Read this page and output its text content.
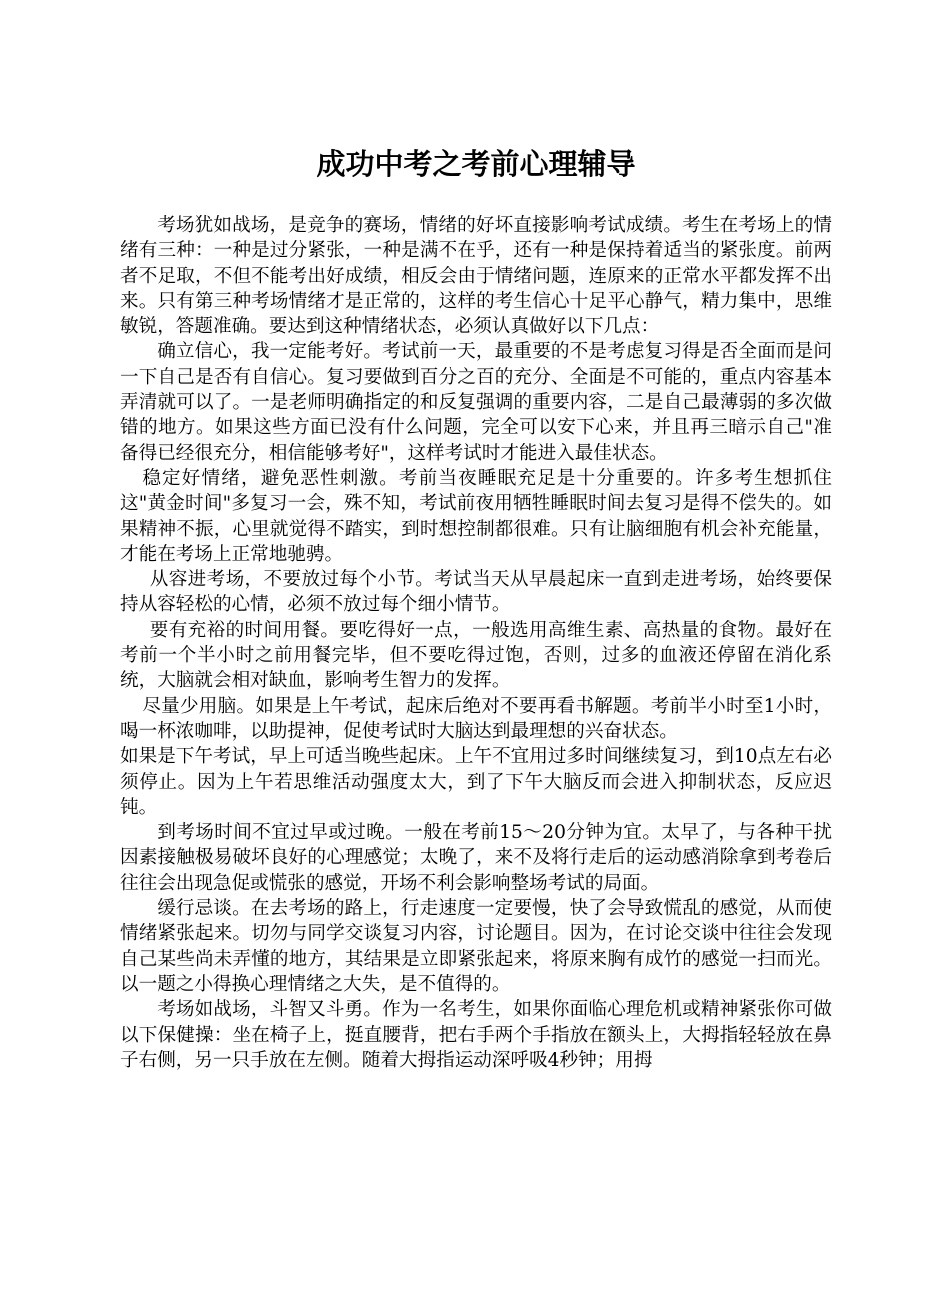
成功中考之考前心理辅导

考场犹如战场，是竞争的赛场，情绪的好坏直接影响考试成绩。考生在考场上的情绪有三种：一种是过分紧张，一种是满不在乎，还有一种是保持着适当的紧张度。前两者不足取，不但不能考出好成绩，相反会由于情绪问题，连原来的正常水平都发挥不出来。只有第三种考场情绪才是正常的，这样的考生信心十足平心静气，精力集中，思维敏锐，答题准确。要达到这种情绪状态，必须认真做好以下几点：

确立信心，我一定能考好。考试前一天，最重要的不是考虑复习得是否全面而是问一下自己是否有自信心。复习要做到百分之百的充分、全面是不可能的，重点内容基本弄清就可以了。一是老师明确指定的和反复强调的重要内容，二是自己最薄弱的多次做错的地方。如果这些方面已没有什么问题，完全可以安下心来，并且再三暗示自己"准备得已经很充分，相信能够考好"，这样考试时才能进入最佳状态。

稳定好情绪，避免恶性刺激。考前当夜睡眠充足是十分重要的。许多考生想抓住这"黄金时间"多复习一会，殊不知，考试前夜用牺牲睡眠时间去复习是得不偿失的。如果精神不振，心里就觉得不踏实，到时想控制都很难。只有让脑细胞有机会补充能量，才能在考场上正常地驰骋。

从容进考场，不要放过每个小节。考试当天从早晨起床一直到走进考场，始终要保持从容轻松的心情，必须不放过每个细小情节。

要有充裕的时间用餐。要吃得好一点，一般选用高维生素、高热量的食物。最好在考前一个半小时之前用餐完毕，但不要吃得过饱，否则，过多的血液还停留在消化系统，大脑就会相对缺血，影响考生智力的发挥。

尽量少用脑。如果是上午考试，起床后绝对不要再看书解题。考前半小时至1小时，喝一杯浓咖啡，以助提神，促使考试时大脑达到最理想的兴奋状态。

如果是下午考试，早上可适当晚些起床。上午不宜用过多时间继续复习，到10点左右必须停止。因为上午若思维活动强度太大，到了下午大脑反而会进入抑制状态，反应迟钝。

到考场时间不宜过早或过晚。一般在考前15～20分钟为宜。太早了，与各种干扰因素接触极易破坏良好的心理感觉；太晚了，来不及将行走后的运动感消除拿到考卷后往往会出现急促或慌张的感觉，开场不利会影响整场考试的局面。

缓行忌谈。在去考场的路上，行走速度一定要慢，快了会导致慌乱的感觉，从而使情绪紧张起来。切勿与同学交谈复习内容，讨论题目。因为，在讨论交谈中往往会发现自己某些尚未弄懂的地方，其结果是立即紧张起来，将原来胸有成竹的感觉一扫而光。以一题之小得换心理情绪之大失，是不值得的。

考场如战场，斗智又斗勇。作为一名考生，如果你面临心理危机或精神紧张你可做以下保健操：坐在椅子上，挺直腰背，把右手两个手指放在额头上，大拇指轻轻放在鼻子右侧，另一只手放在左侧。随着大拇指运动深呼吸4秒钟；用拇
